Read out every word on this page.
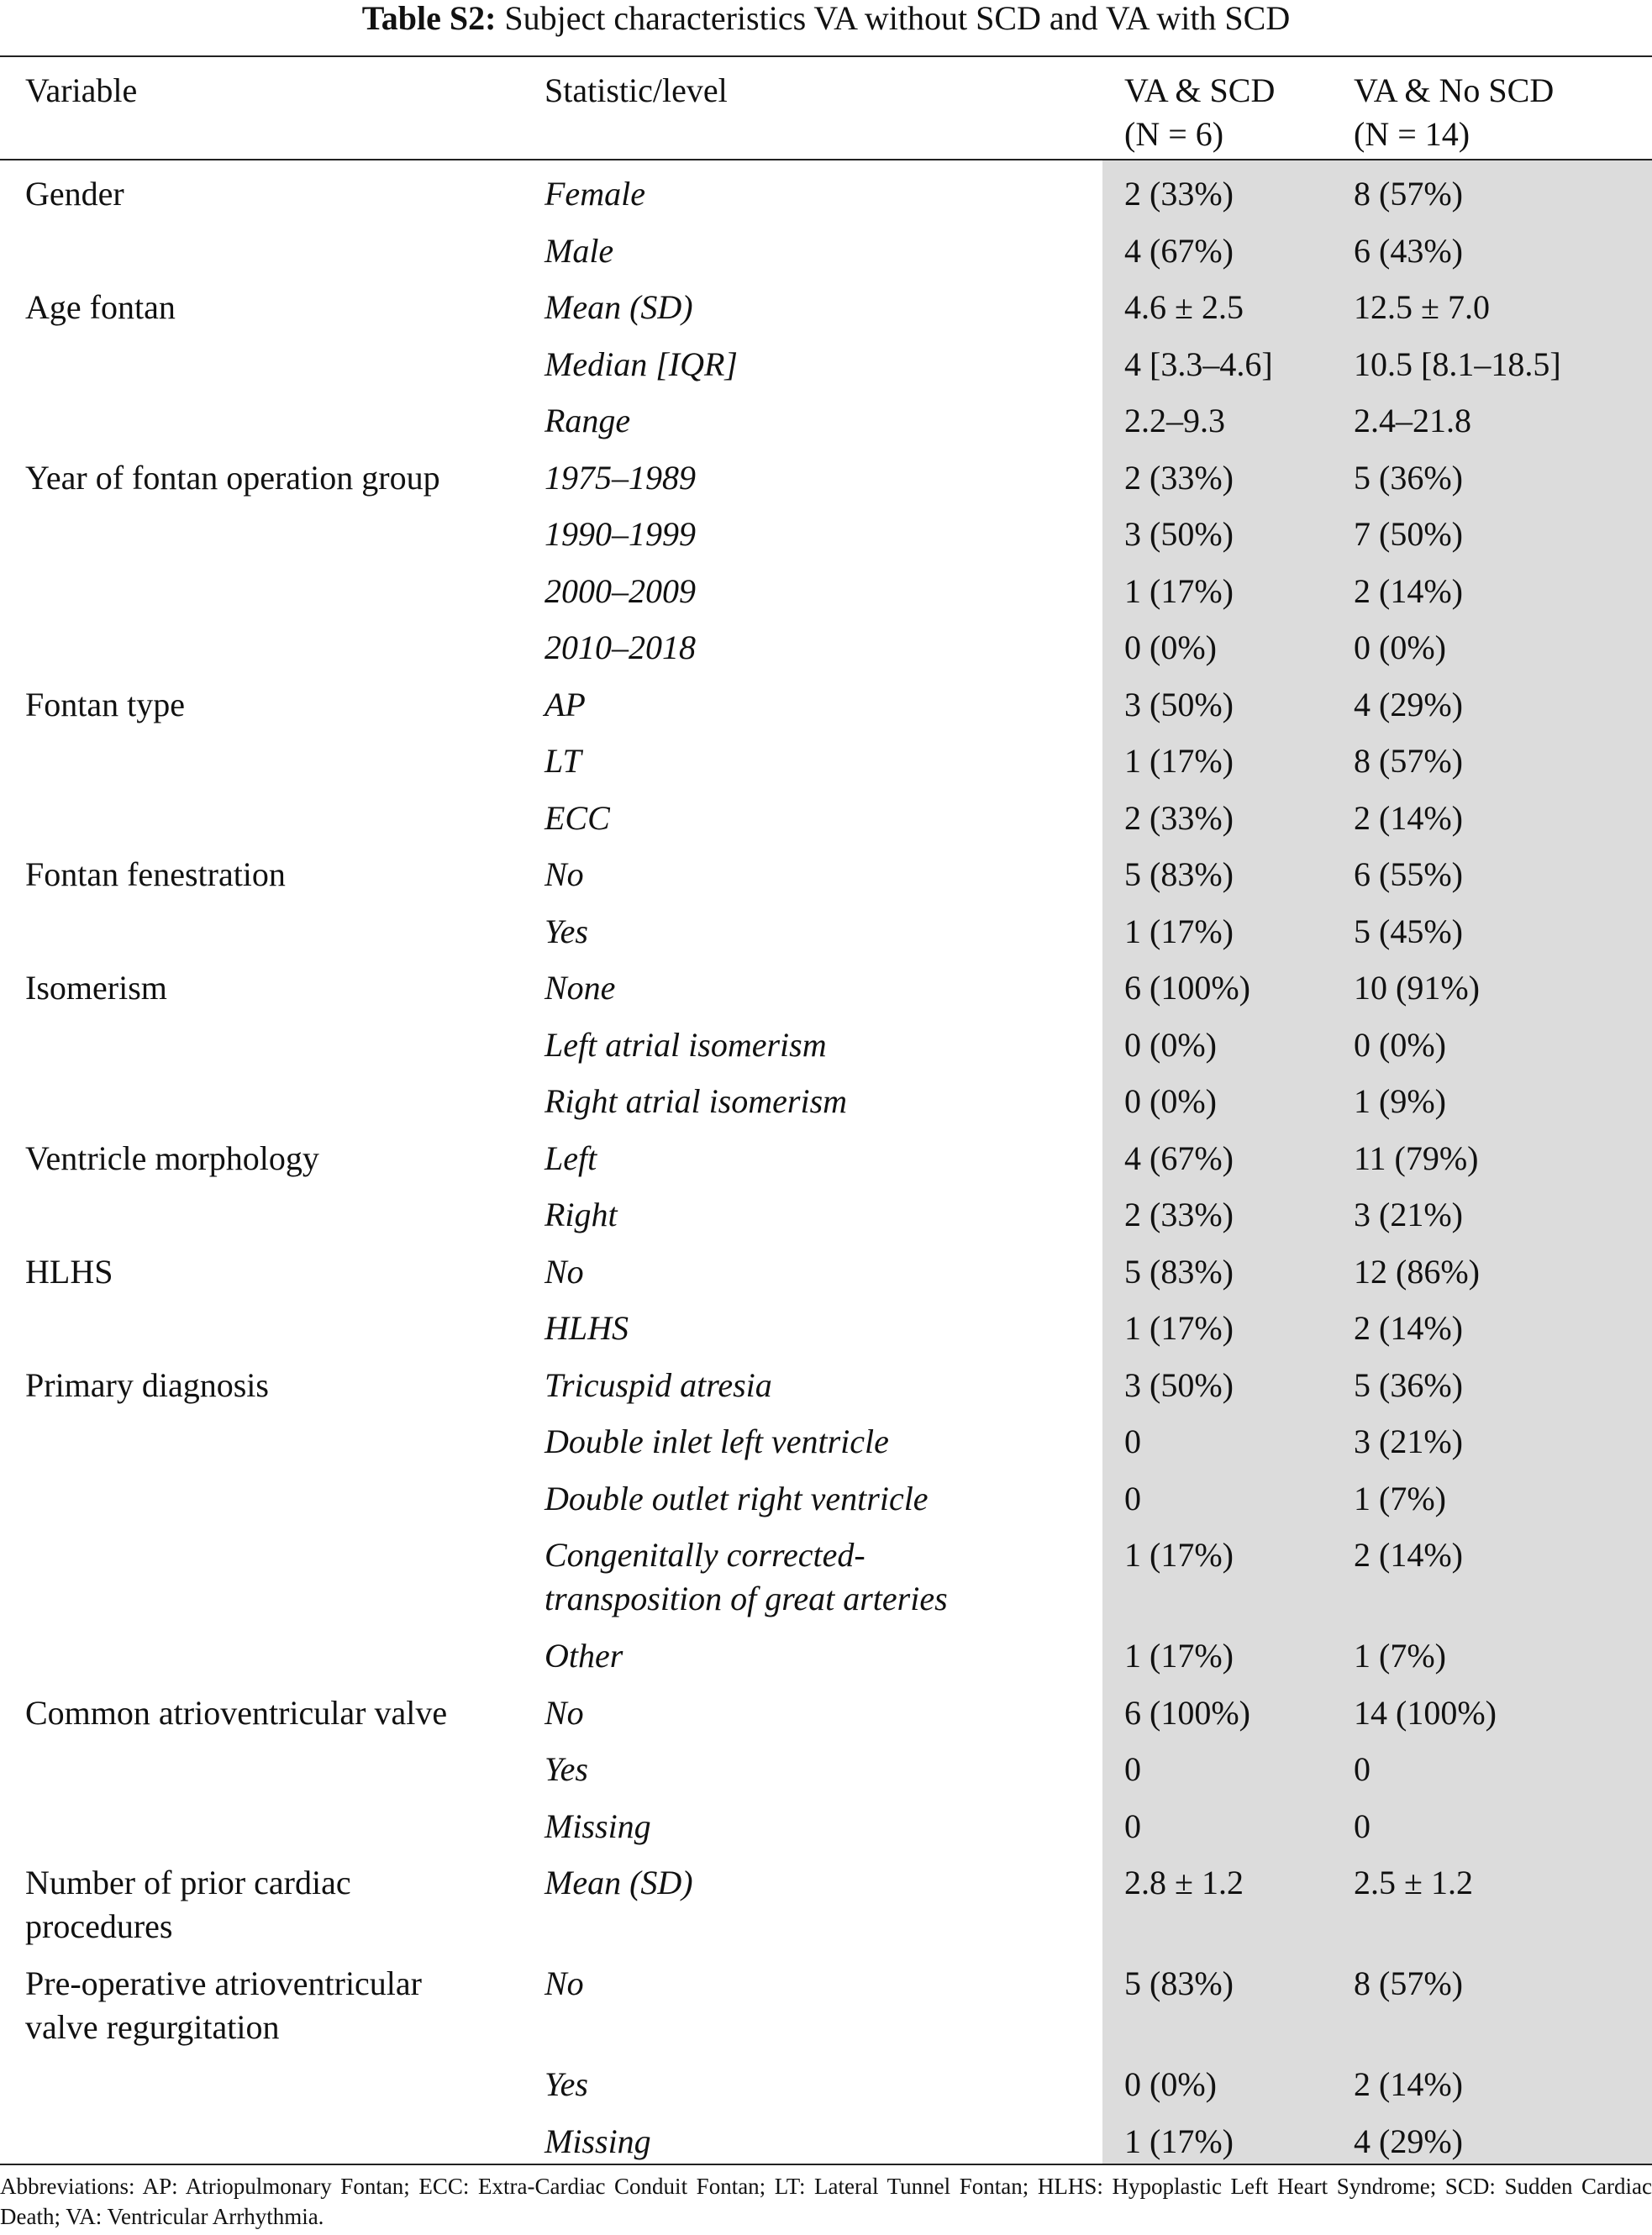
Table S2: Subject characteristics VA without SCD and VA with SCD
Variable	Statistic/level	VA & SCD
(N = 6)
VA & No SCD
(N = 14)
Gender	Female	2 (33%)	8 (57%)
Male	4 (67%)	6 (43%)
Age fontan	Mean (SD)	4.6 ± 2.5	12.5 ± 7.0
Median [IQR]	4 [3.3–4.6] 10.5 [8.1–18.5]
Range	2.2–9.3	2.4–21.8
Year of fontan operation group	1975–1989	2 (33%)	5 (36%)
1990–1999	3 (50%)	7 (50%)
2000–2009	1 (17%)	2 (14%)
2010–2018	0 (0%)	0 (0%)
Fontan type	AP	3 (50%)	4 (29%)
LT	1 (17%)	8 (57%)
ECC	2 (33%)	2 (14%)
Fontan fenestration	No	5 (83%)	6 (55%)
Yes	1 (17%)	5 (45%)
Isomerism	None	6 (100%)	10 (91%)
Left atrial isomerism	0 (0%)	0 (0%)
Right atrial isomerism	0 (0%)	1 (9%)
Ventricle morphology	Left	4 (67%)	11 (79%)
Right	2 (33%)	3 (21%)
HLHS	No	5 (83%)	12 (86%)
HLHS	1 (17%)	2 (14%)
Primary diagnosis	Tricuspid atresia	3 (50%)	5 (36%)
Double inlet left ventricle	0	3 (21%)
Double outlet right ventricle	0	1 (7%)
Congenitally corrected-
transposition of great arteries
1 (17%)	2 (14%)
Other	1 (17%)	1 (7%)
Common atrioventricular valve	No	6 (100%)	14 (100%)
Yes	0	0
Missing	0	0
Number of prior cardiac
procedures
Mean (SD)	2.8 ± 1.2	2.5 ± 1.2
Pre-operative atrioventricular
valve regurgitation
No	5 (83%)	8 (57%)
Yes	0 (0%)	2 (14%)
Missing	1 (17%)	4 (29%)
Abbreviations: AP: Atriopulmonary Fontan; ECC: Extra-Cardiac Conduit Fontan; LT: Lateral Tunnel Fontan; HLHS: Hypoplastic Left Heart Syndrome; SCD: Sudden Cardiac Death; VA: Ventricular Arrhythmia.
